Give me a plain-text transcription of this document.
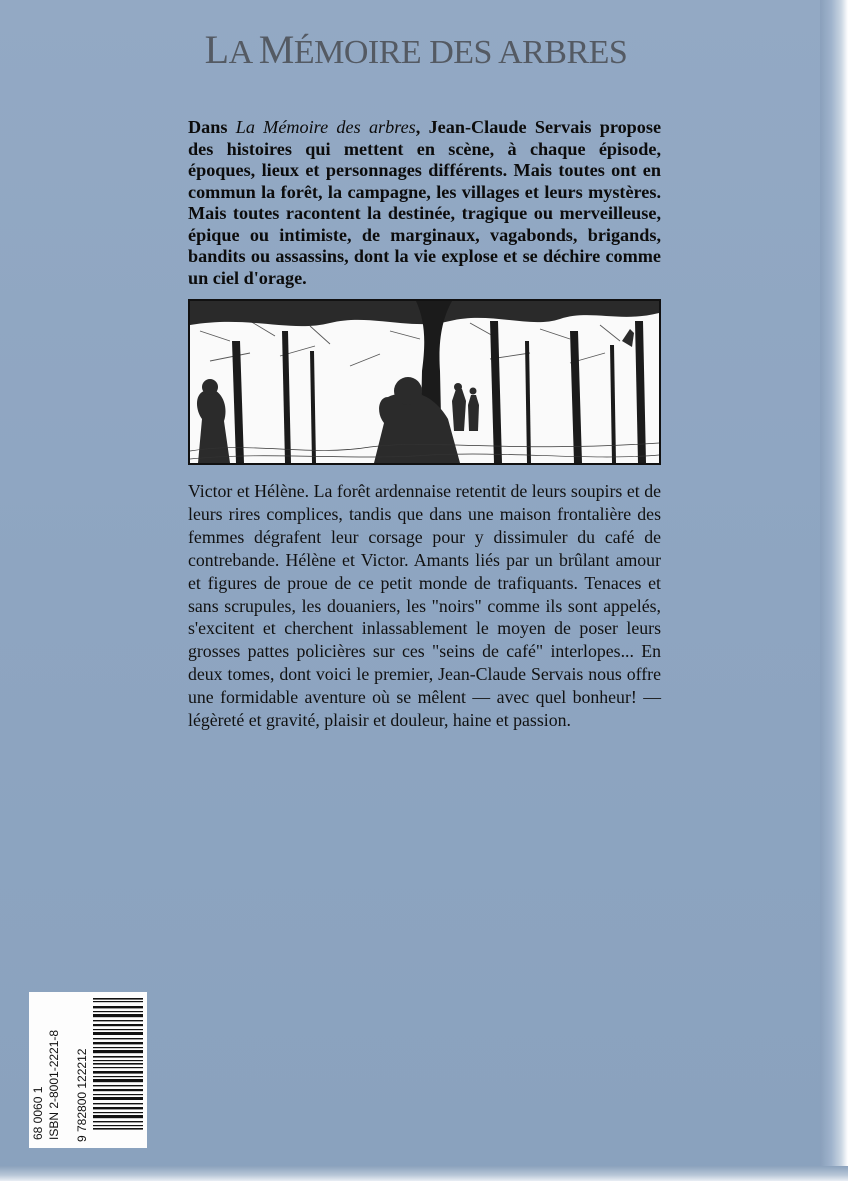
LA MÉMOIRE DES ARBRES
Dans La Mémoire des arbres, Jean-Claude Servais propose des histoires qui mettent en scène, à chaque épisode, époques, lieux et personnages différents. Mais toutes ont en commun la forêt, la campagne, les villages et leurs mystères. Mais toutes racontent la destinée, tragique ou merveilleuse, épique ou intimiste, de marginaux, vagabonds, brigands, bandits ou assassins, dont la vie explose et se déchire comme un ciel d'orage.
Victor et Hélène. La forêt ardennaise retentit de leurs soupirs et de leurs rires complices, tandis que dans une maison frontalière des femmes dégrafent leur corsage pour y dissimuler du café de contrebande. Hélène et Victor. Amants liés par un brûlant amour et figures de proue de ce petit monde de trafiquants. Tenaces et sans scrupules, les douaniers, les "noirs" comme ils sont appelés, s'excitent et cherchent inlassablement le moyen de poser leurs grosses pattes policières sur ces "seins de café" interlopes... En deux tomes, dont voici le premier, Jean-Claude Servais nous offre une formidable aventure où se mêlent — avec quel bonheur! — légèreté et gravité, plaisir et douleur, haine et passion.
68 0060 1 ISBN 2-8001-2221-8 9 782800 122212
